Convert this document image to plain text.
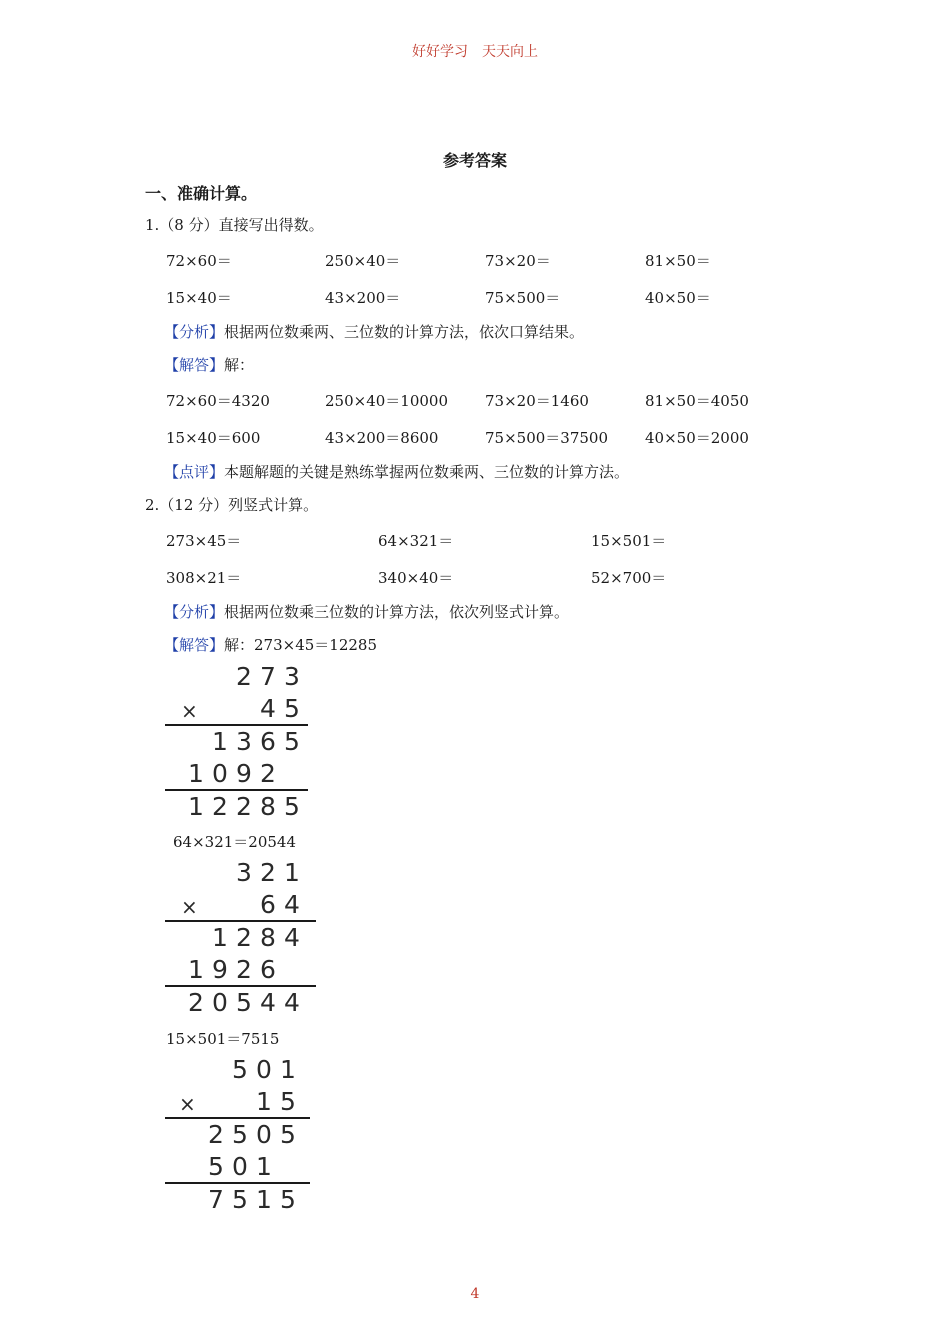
好好学习　天天向上
参考答案
一、准确计算。
1.（8 分）直接写出得数。
72×60＝	250×40＝	73×20＝	81×50＝
15×40＝	43×200＝	75×500＝	40×50＝
【分析】根据两位数乘两、三位数的计算方法，依次口算结果。
【解答】解：
72×60＝4320	250×40＝10000 73×20＝1460	81×50＝4050
15×40＝600	43×200＝8600	75×500＝37500 40×50＝2000
【点评】本题解题的关键是熟练掌握两位数乘两、三位数的计算方法。
2.（12 分）列竖式计算。
273×45＝	64×321＝	15×501＝
308×21＝	340×40＝	52×700＝
【分析】根据两位数乘三位数的计算方法，依次列竖式计算。
【解答】解：273×45＝12285
2 7 3
× 4 5
1 3 6 5
1 0 9 2
1 2 2 8 5
64×321＝20544
3 2 1
× 6 4
1 2 8 4
1 9 2 6
2 0 5 4 4
15×501＝7515
5 0 1
× 1 5
2 5 0 5
5 0 1
7 5 1 5
4
